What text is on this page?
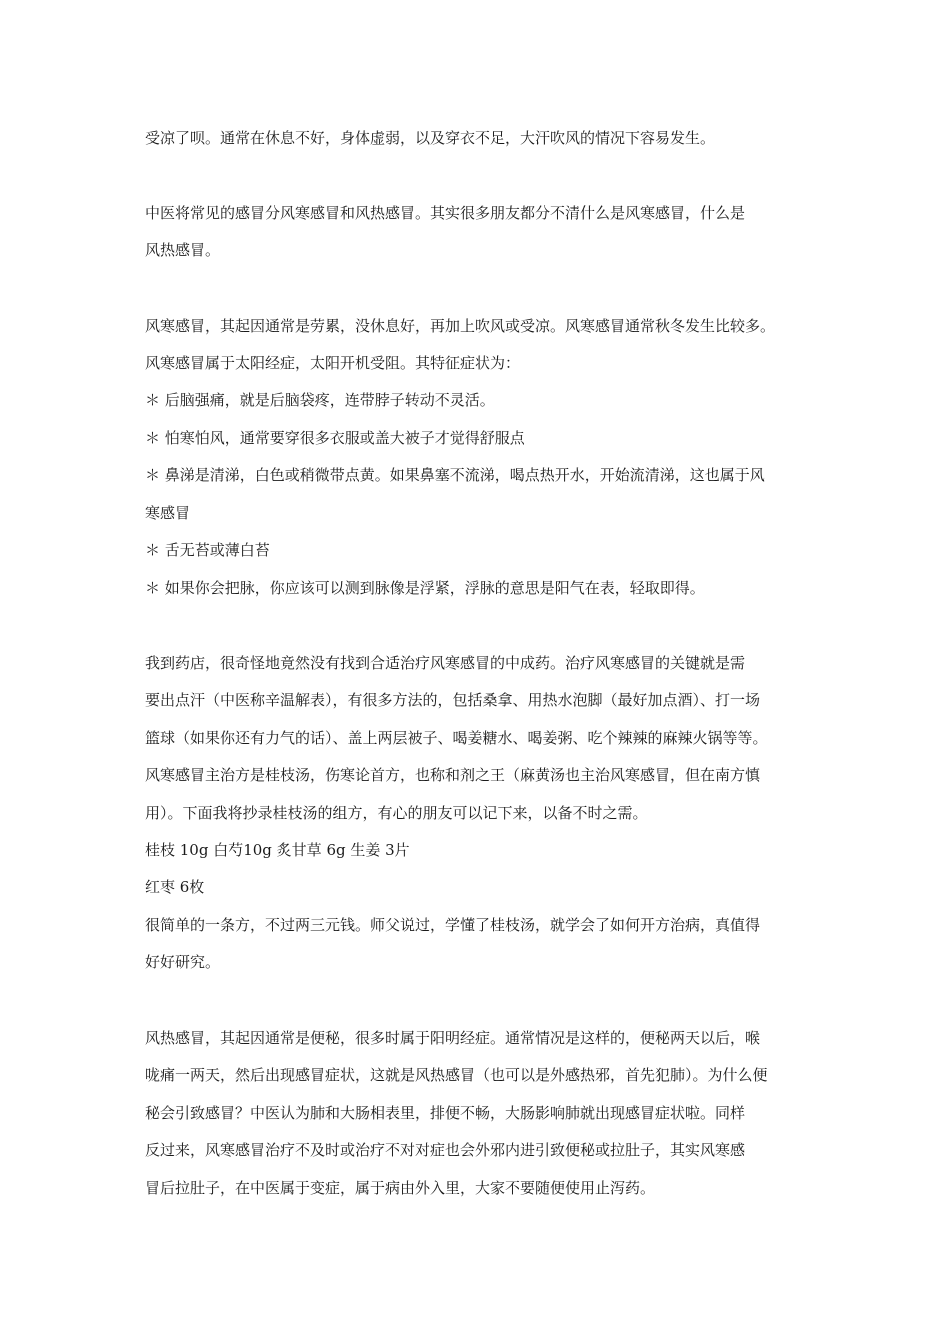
受凉了呗。通常在休息不好，身体虚弱，以及穿衣不足，大汗吹风的情况下容易发生。
中医将常见的感冒分风寒感冒和风热感冒。其实很多朋友都分不清什么是风寒感冒，什么是
风热感冒。
风寒感冒，其起因通常是劳累，没休息好，再加上吹风或受凉。风寒感冒通常秋冬发生比较多。
风寒感冒属于太阳经症，太阳开机受阻。其特征症状为：
＊ 后脑强痛，就是后脑袋疼，连带脖子转动不灵活。
＊ 怕寒怕风，通常要穿很多衣服或盖大被子才觉得舒服点
＊ 鼻涕是清涕，白色或稍微带点黄。如果鼻塞不流涕，喝点热开水，开始流清涕，这也属于风
寒感冒
＊ 舌无苔或薄白苔
＊ 如果你会把脉，你应该可以测到脉像是浮紧，浮脉的意思是阳气在表，轻取即得。
我到药店，很奇怪地竟然没有找到合适治疗风寒感冒的中成药。治疗风寒感冒的关键就是需
要出点汗（中医称辛温解表），有很多方法的，包括桑拿、用热水泡脚（最好加点酒）、打一场
篮球（如果你还有力气的话）、盖上两层被子、喝姜糖水、喝姜粥、吃个辣辣的麻辣火锅等等。
风寒感冒主治方是桂枝汤，伤寒论首方，也称和剂之王（麻黄汤也主治风寒感冒，但在南方慎
用）。下面我将抄录桂枝汤的组方，有心的朋友可以记下来，以备不时之需。
桂枝 10g 白芍10g 炙甘草 6g 生姜 3片
红枣 6枚
很简单的一条方，不过两三元钱。师父说过，学懂了桂枝汤，就学会了如何开方治病，真值得
好好研究。
风热感冒，其起因通常是便秘，很多时属于阳明经症。通常情况是这样的，便秘两天以后，喉
咙痛一两天，然后出现感冒症状，这就是风热感冒（也可以是外感热邪，首先犯肺）。为什么便
秘会引致感冒？中医认为肺和大肠相表里，排便不畅，大肠影响肺就出现感冒症状啦。同样
反过来，风寒感冒治疗不及时或治疗不对对症也会外邪内进引致便秘或拉肚子，其实风寒感
冒后拉肚子，在中医属于变症，属于病由外入里，大家不要随便使用止泻药。
